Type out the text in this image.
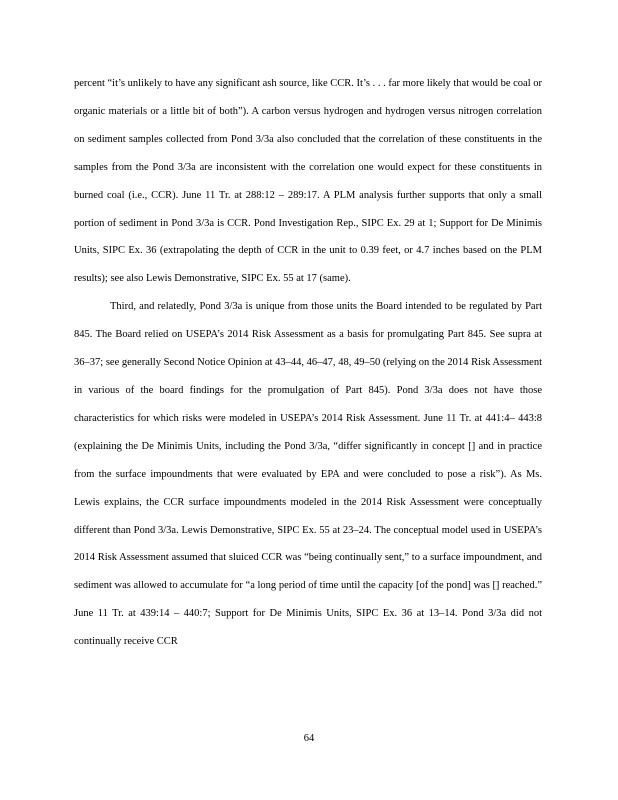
percent “it’s unlikely to have any significant ash source, like CCR. It’s . . . far more likely that would be coal or organic materials or a little bit of both”). A carbon versus hydrogen and hydrogen versus nitrogen correlation on sediment samples collected from Pond 3/3a also concluded that the correlation of these constituents in the samples from the Pond 3/3a are inconsistent with the correlation one would expect for these constituents in burned coal (i.e., CCR). June 11 Tr. at 288:12 – 289:17. A PLM analysis further supports that only a small portion of sediment in Pond 3/3a is CCR. Pond Investigation Rep., SIPC Ex. 29 at 1; Support for De Minimis Units, SIPC Ex. 36 (extrapolating the depth of CCR in the unit to 0.39 feet, or 4.7 inches based on the PLM results); see also Lewis Demonstrative, SIPC Ex. 55 at 17 (same).

Third, and relatedly, Pond 3/3a is unique from those units the Board intended to be regulated by Part 845. The Board relied on USEPA’s 2014 Risk Assessment as a basis for promulgating Part 845. See supra at 36–37; see generally Second Notice Opinion at 43–44, 46–47, 48, 49–50 (relying on the 2014 Risk Assessment in various of the board findings for the promulgation of Part 845). Pond 3/3a does not have those characteristics for which risks were modeled in USEPA’s 2014 Risk Assessment. June 11 Tr. at 441:4– 443:8 (explaining the De Minimis Units, including the Pond 3/3a, “differ significantly in concept [] and in practice from the surface impoundments that were evaluated by EPA and were concluded to pose a risk”). As Ms. Lewis explains, the CCR surface impoundments modeled in the 2014 Risk Assessment were conceptually different than Pond 3/3a. Lewis Demonstrative, SIPC Ex. 55 at 23–24. The conceptual model used in USEPA’s 2014 Risk Assessment assumed that sluiced CCR was “being continually sent,” to a surface impoundment, and sediment was allowed to accumulate for “a long period of time until the capacity [of the pond] was [] reached.” June 11 Tr. at 439:14 – 440:7; Support for De Minimis Units, SIPC Ex. 36 at 13–14. Pond 3/3a did not continually receive CCR

64
